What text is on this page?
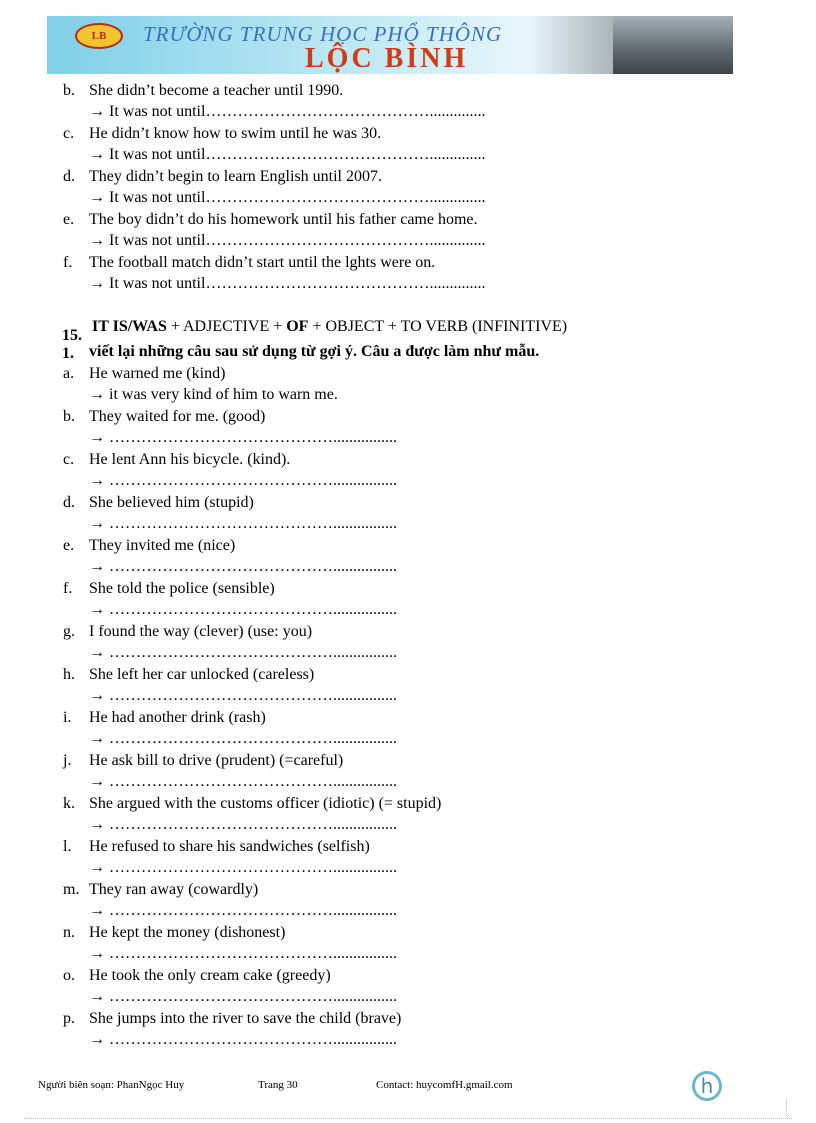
LB	TRƯỜNG TRUNG HỌC PHỔ THÔNG
LỘC BÌNH
b. She didn’t become a teacher until 1990.
→ It was not until……………………………………..............
c. He didn’t know how to swim until he was 30.
→ It was not until……………………………………..............
d. They didn’t begin to learn English until 2007.
→ It was not until……………………………………..............
e. The boy didn’t do his homework until his father came home.
→ It was not until……………………………………..............
f. The football match didn’t start until the lghts were on.
→ It was not until……………………………………..............
15.
IT IS/WAS + ADJECTIVE + OF + OBJECT + TO VERB (INFINITIVE)
1. viết lại những câu sau sử dụng từ gợi ý. Câu a được làm như mẫu.
a. He warned me (kind)
→ it was very kind of him to warn me.
b. They waited for me. (good)
→ ……………………………………................
c. He lent Ann his bicycle. (kind).
→ ……………………………………................
d. She believed him (stupid)
→ ……………………………………................
e. They invited me (nice)
→ ……………………………………................
f. She told the police (sensible)
→ ……………………………………................
g. I found the way (clever) (use: you)
→ ……………………………………................
h. She left her car unlocked (careless)
→ ……………………………………................
i. He had another drink (rash)
→ ……………………………………................
j. He ask bill to drive (prudent) (=careful)
→ ……………………………………................
k. She argued with the customs officer (idiotic) (= stupid)
→ ……………………………………................
l. He refused to share his sandwiches (selfish)
→ ……………………………………................
m. They ran away (cowardly)
→ ……………………………………................
n. He kept the money (dishonest)
→ ……………………………………................
o. He took the only cream cake (greedy)
→ ……………………………………................
p. She jumps into the river to save the child (brave)
→ ……………………………………................
Người biên soạn: PhanNgọc Huy	Trang 30	Contact: huycomfH.gmail.com	h
